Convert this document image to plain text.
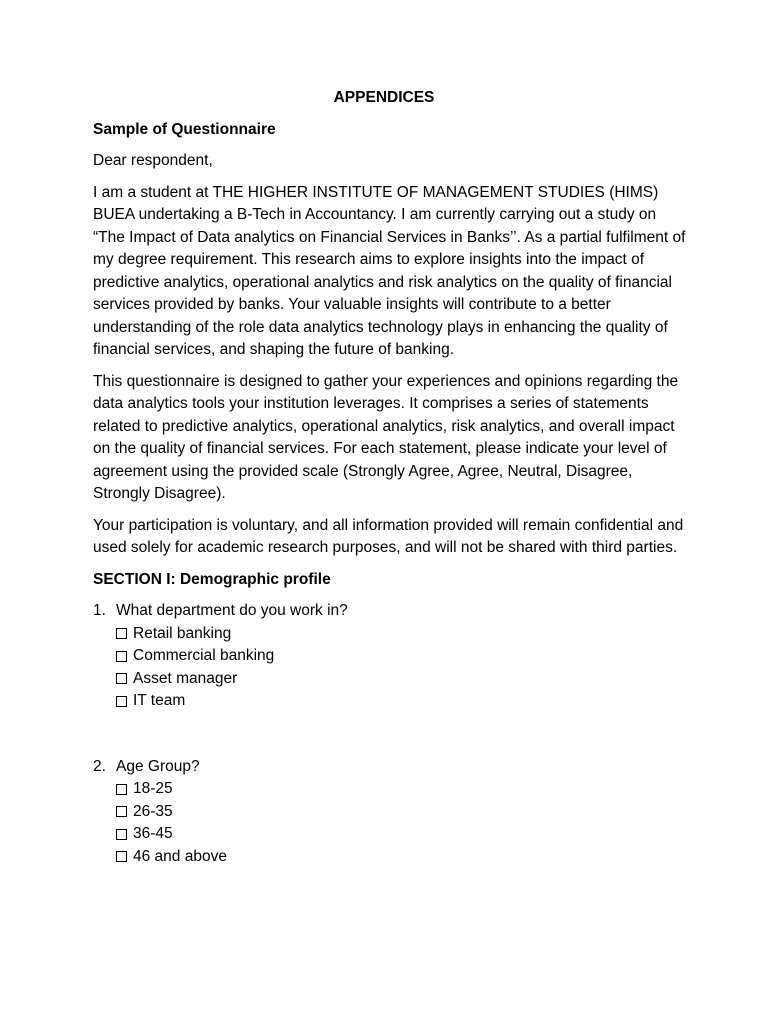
APPENDICES
Sample of Questionnaire
Dear respondent,
I am a student at THE HIGHER INSTITUTE OF MANAGEMENT STUDIES (HIMS) BUEA undertaking a B-Tech in Accountancy. I am currently carrying out a study on “The Impact of Data analytics on Financial Services in Banks’’. As a partial fulfilment of my degree requirement. This research aims to explore insights into the impact of predictive analytics, operational analytics and risk analytics on the quality of financial services provided by banks. Your valuable insights will contribute to a better understanding of the role data analytics technology plays in enhancing the quality of financial services, and shaping the future of banking.
This questionnaire is designed to gather your experiences and opinions regarding the data analytics tools your institution leverages. It comprises a series of statements related to predictive analytics, operational analytics, risk analytics, and overall impact on the quality of financial services. For each statement, please indicate your level of agreement using the provided scale (Strongly Agree, Agree, Neutral, Disagree, Strongly Disagree).
Your participation is voluntary, and all information provided will remain confidential and used solely for academic research purposes, and will not be shared with third parties.
SECTION I: Demographic profile
1. What department do you work in?
Retail banking
Commercial banking
Asset manager
IT team
2. Age Group?
18-25
26-35
36-45
46 and above
